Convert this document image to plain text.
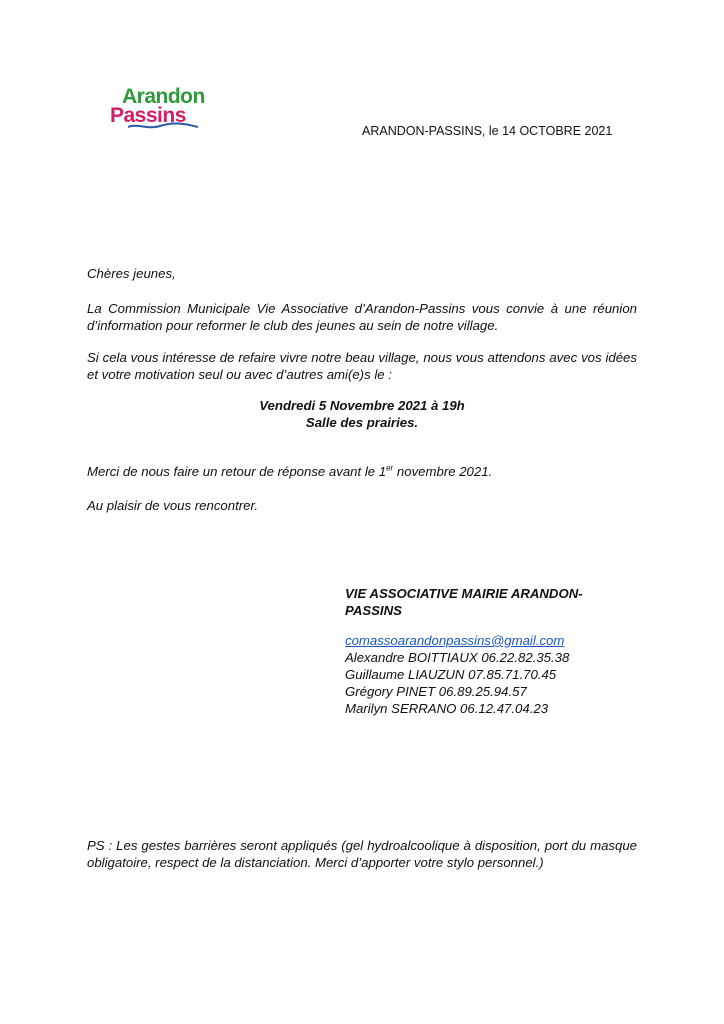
Arandon
Passins
ARANDON-PASSINS, le 14 OCTOBRE 2021
Chères jeunes,
La Commission Municipale Vie Associative d’Arandon-Passins vous convie à une réunion d’information pour reformer le club des jeunes au sein de notre village.
Si cela vous intéresse de refaire vivre notre beau village, nous vous attendons avec vos idées et votre motivation seul ou avec d’autres ami(e)s le :
Vendredi 5 Novembre 2021 à 19h
Salle des prairies.
Merci de nous faire un retour de réponse avant le 1er novembre 2021.
Au plaisir de vous rencontrer.
VIE ASSOCIATIVE MAIRIE ARANDON-
PASSINS
comassoarandonpassins@gmail.com
Alexandre BOITTIAUX 06.22.82.35.38
Guillaume LIAUZUN 07.85.71.70.45
Grégory PINET 06.89.25.94.57
Marilyn SERRANO 06.12.47.04.23
PS : Les gestes barrières seront appliqués (gel hydroalcoolique à disposition, port du masque obligatoire, respect de la distanciation. Merci d’apporter votre stylo personnel.)
